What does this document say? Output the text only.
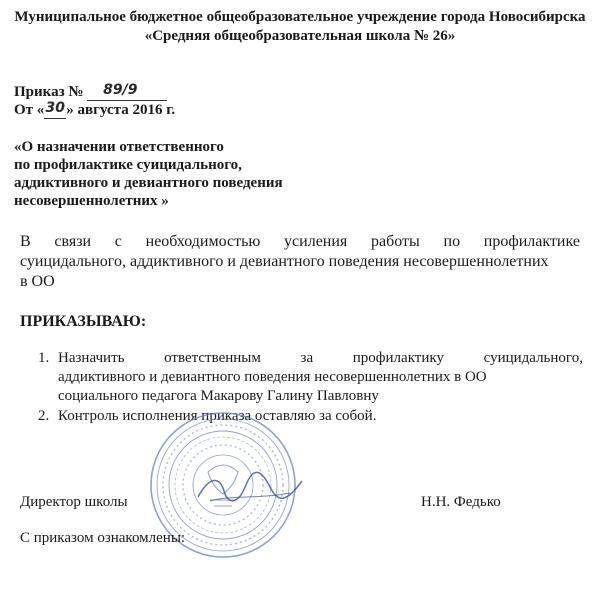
Муниципальное бюджетное общеобразовательное учреждение города Новосибирска
«Средняя общеобразовательная школа № 26»
Приказ № 89/9
От «30» августа 2016 г.
«О назначении ответственного
по профилактике суицидального,
аддиктивного и девиантного поведения
несовершеннолетних »
В связи с необходимостью усиления работы по профилактике
суицидального, аддиктивного и девиантного поведения несовершеннолетних
в ОО
ПРИКАЗЫВАЮ:
1. Назначить	ответственным	за	профилактику	суицидального,
аддиктивного и девиантного поведения несовершеннолетних в ОО
социального педагога Макарову Галину Павловну
2. Контроль исполнения приказа оставляю за собой.
Директор школы	Н.Н. Федько
С приказом ознакомлены:
